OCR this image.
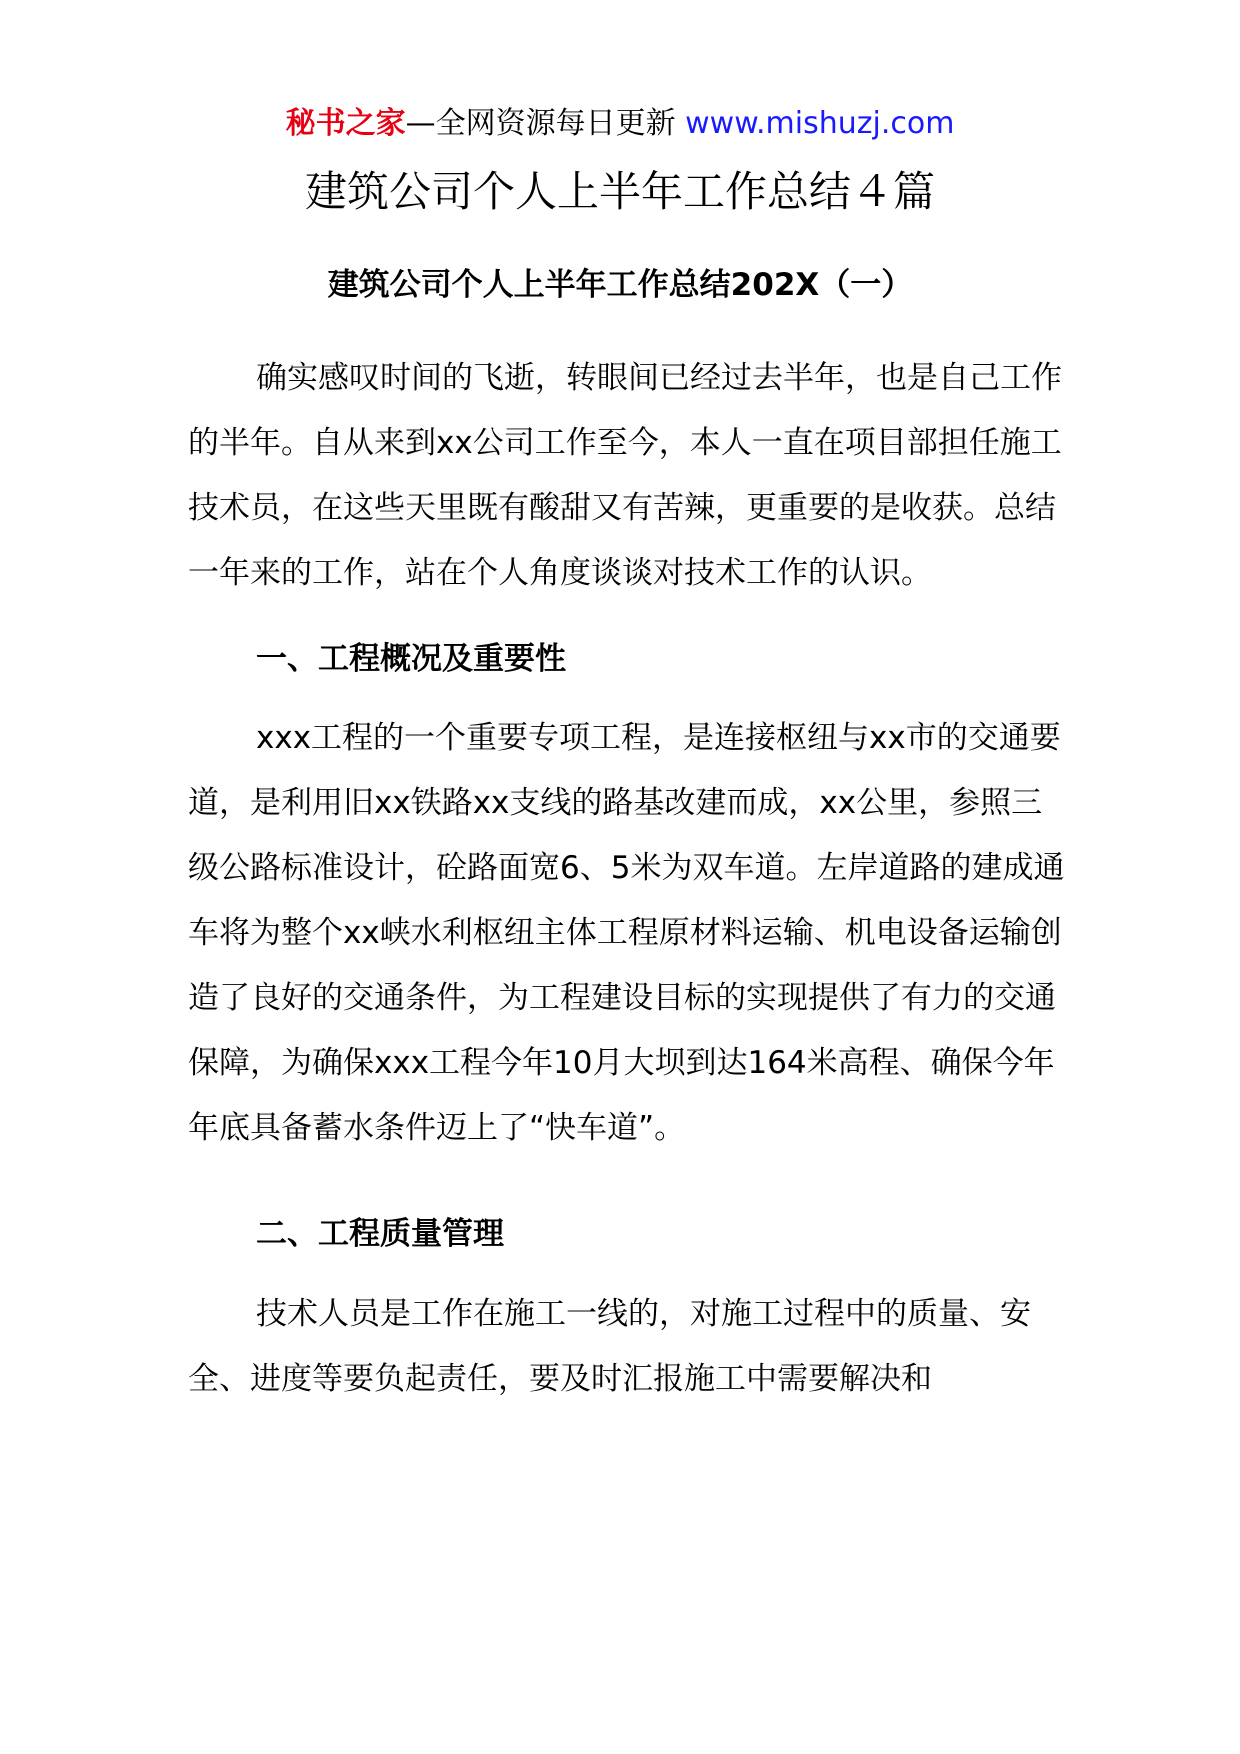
秘书之家—全网资源每日更新 www.mishuzj.com
建筑公司个人上半年工作总结４篇
建筑公司个人上半年工作总结202X（一）

确实感叹时间的飞逝，转眼间已经过去半年，也是自己工作的半年。自从来到xx公司工作至今，本人一直在项目部担任施工技术员，在这些天里既有酸甜又有苦辣，更重要的是收获。总结一年来的工作，站在个人角度谈谈对技术工作的认识。

一、工程概况及重要性

xxx工程的一个重要专项工程，是连接枢纽与xx市的交通要道，是利用旧xx铁路xx支线的路基改建而成，xx公里，参照三级公路标准设计，砼路面宽6、5米为双车道。左岸道路的建成通车将为整个xx峡水利枢纽主体工程原材料运输、机电设备运输创造了良好的交通条件，为工程建设目标的实现提供了有力的交通保障，为确保xxx工程今年10月大坝到达164米高程、确保今年年底具备蓄水条件迈上了“快车道”。

二、工程质量管理

技术人员是工作在施工一线的，对施工过程中的质量、安全、进度等要负起责任，要及时汇报施工中需要解决和
